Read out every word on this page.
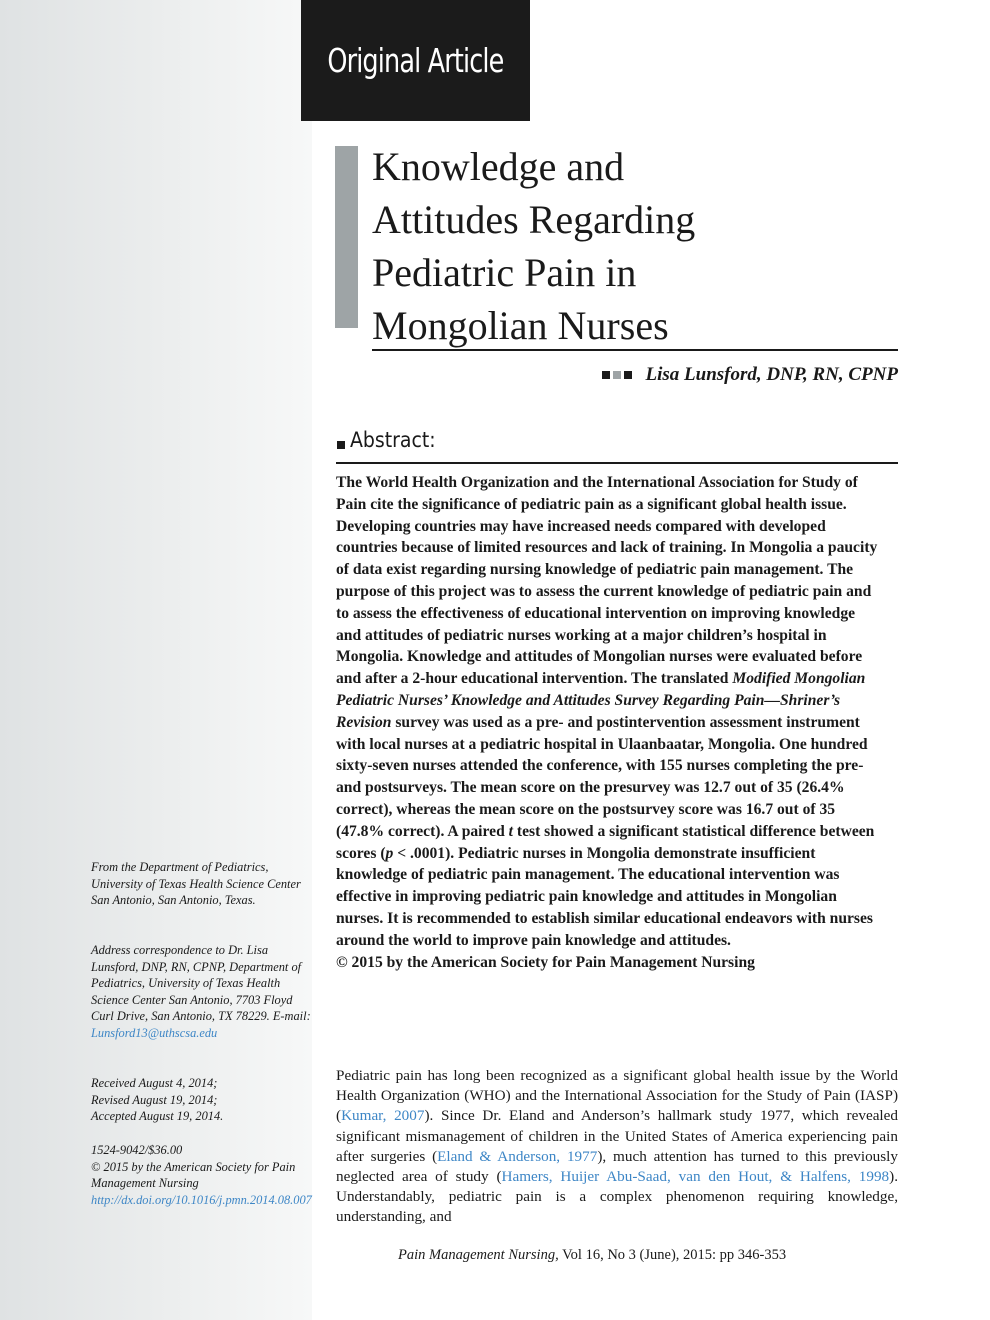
Original Article
Knowledge and
Attitudes Regarding
Pediatric Pain in
Mongolian Nurses
Lisa Lunsford, DNP, RN, CPNP
Abstract:

The World Health Organization and the International Association for Study of Pain cite the significance of pediatric pain as a significant global health issue. Developing countries may have increased needs compared with developed countries because of limited resources and lack of training. In Mongolia a paucity of data exist regarding nursing knowledge of pediatric pain management. The purpose of this project was to assess the current knowledge of pediatric pain and to assess the effectiveness of educational intervention on improving knowledge and attitudes of pediatric nurses working at a major children’s hospital in Mongolia. Knowledge and attitudes of Mongolian nurses were evaluated before and after a 2-hour educational intervention. The translated Modified Mongolian Pediatric Nurses’ Knowledge and Attitudes Survey Regarding Pain—Shriner’s Revision survey was used as a pre- and postintervention assessment instrument with local nurses at a pediatric hospital in Ulaanbaatar, Mongolia. One hundred sixty-seven nurses attended the conference, with 155 nurses completing the pre- and postsurveys. The mean score on the presurvey was 12.7 out of 35 (26.4% correct), whereas the mean score on the postsurvey score was 16.7 out of 35 (47.8% correct). A paired t test showed a significant statistical difference between scores (p < .0001). Pediatric nurses in Mongolia demonstrate insufficient knowledge of pediatric pain management. The educational intervention was effective in improving pediatric pain knowledge and attitudes in Mongolian nurses. It is recommended to establish similar educational endeavors with nurses around the world to improve pain knowledge and attitudes.
© 2015 by the American Society for Pain Management Nursing

From the Department of Pediatrics, University of Texas Health Science Center San Antonio, San Antonio, Texas.

Address correspondence to Dr. Lisa Lunsford, DNP, RN, CPNP, Department of Pediatrics, University of Texas Health Science Center San Antonio, 7703 Floyd Curl Drive, San Antonio, TX 78229. E-mail: Lunsford13@uthscsa.edu

Received August 4, 2014;
Revised August 19, 2014;
Accepted August 19, 2014.

1524-9042/$36.00
© 2015 by the American Society for Pain Management Nursing
http://dx.doi.org/10.1016/j.pmn.2014.08.007

Pediatric pain has long been recognized as a significant global health issue by the World Health Organization (WHO) and the International Association for the Study of Pain (IASP) (Kumar, 2007). Since Dr. Eland and Anderson’s hallmark study 1977, which revealed significant mismanagement of children in the United States of America experiencing pain after surgeries (Eland & Anderson, 1977), much attention has turned to this previously neglected area of study (Hamers, Huijer Abu-Saad, van den Hout, & Halfens, 1998). Understandably, pediatric pain is a complex phenomenon requiring knowledge, understanding, and

Pain Management Nursing, Vol 16, No 3 (June), 2015: pp 346-353
